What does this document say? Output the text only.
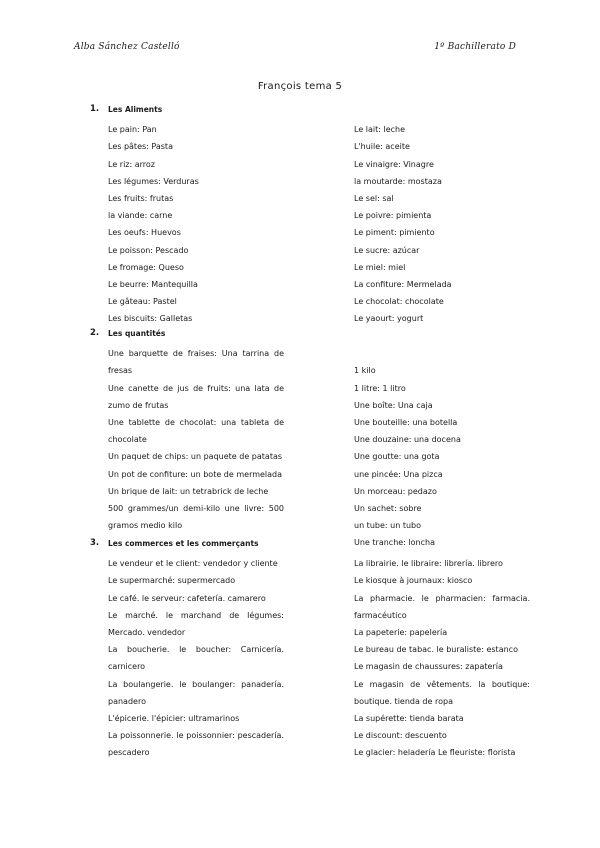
Alba Sánchez Castelló	1º Bachillerato D
François tema 5
1. Les Aliments
Le pain: Pan
Les pâtes: Pasta
Le riz: arroz
Les légumes: Verduras
Les fruits: frutas
la viande: carne
Les oeufs: Huevos
Le poisson: Pescado
Le fromage: Queso
Le beurre: Mantequilla
Le gâteau: Pastel
Les biscuits: Galletas
Le lait: leche
L'huile: aceite
Le vinaigre: Vinagre
la moutarde: mostaza
Le sel: sal
Le poivre: pimienta
Le piment: pimiento
Le sucre: azúcar
Le miel: miel
La confiture: Mermelada
Le chocolat: chocolate
Le yaourt: yogurt
2. Les quantités
Une barquette de fraises: Una tarrina de
fresas
Une canette de jus de fruits: una lata de
zumo de frutas
Une tablette de chocolat: una tableta de
chocolate
Un paquet de chips: un paquete de patatas
Un pot de confiture: un bote de mermelada
Un brique de lait: un tetrabrick de leche
500 grammes/un demi-kilo une livre: 500
gramos medio kilo
1 kilo
1 litre: 1 litro
Une boîte: Una caja
Une bouteille: una botella
Une douzaine: una docena
Une goutte: una gota
une pincée: Una pizca
Un morceau: pedazo
Un sachet: sobre
un tube: un tubo
Une tranche: loncha
3. Les commerces et les commerçants
Le vendeur et le client: vendedor y cliente
Le supermarché: supermercado
Le café. le serveur: cafetería. camarero
Le marché. le marchand de légumes:
Mercado. vendedor
La boucherie. le boucher: Carnicería.
carnicero
La boulangerie. le boulanger: panadería.
panadero
L'épicerie. l'épicier: ultramarinos
La poissonnerie. le poissonnier: pescadería.
pescadero
La librairie. le libraire: librería. librero
Le kiosque à journaux: kiosco
La pharmacie. le pharmacien: farmacia.
farmacéutico
La papeterie: papelería
Le bureau de tabac. le buraliste: estanco
Le magasin de chaussures: zapatería
Le magasin de vêtements. la boutique:
boutique. tienda de ropa
La supérette: tienda barata
Le discount: descuento
Le glacier: heladería Le fleuriste: florista
